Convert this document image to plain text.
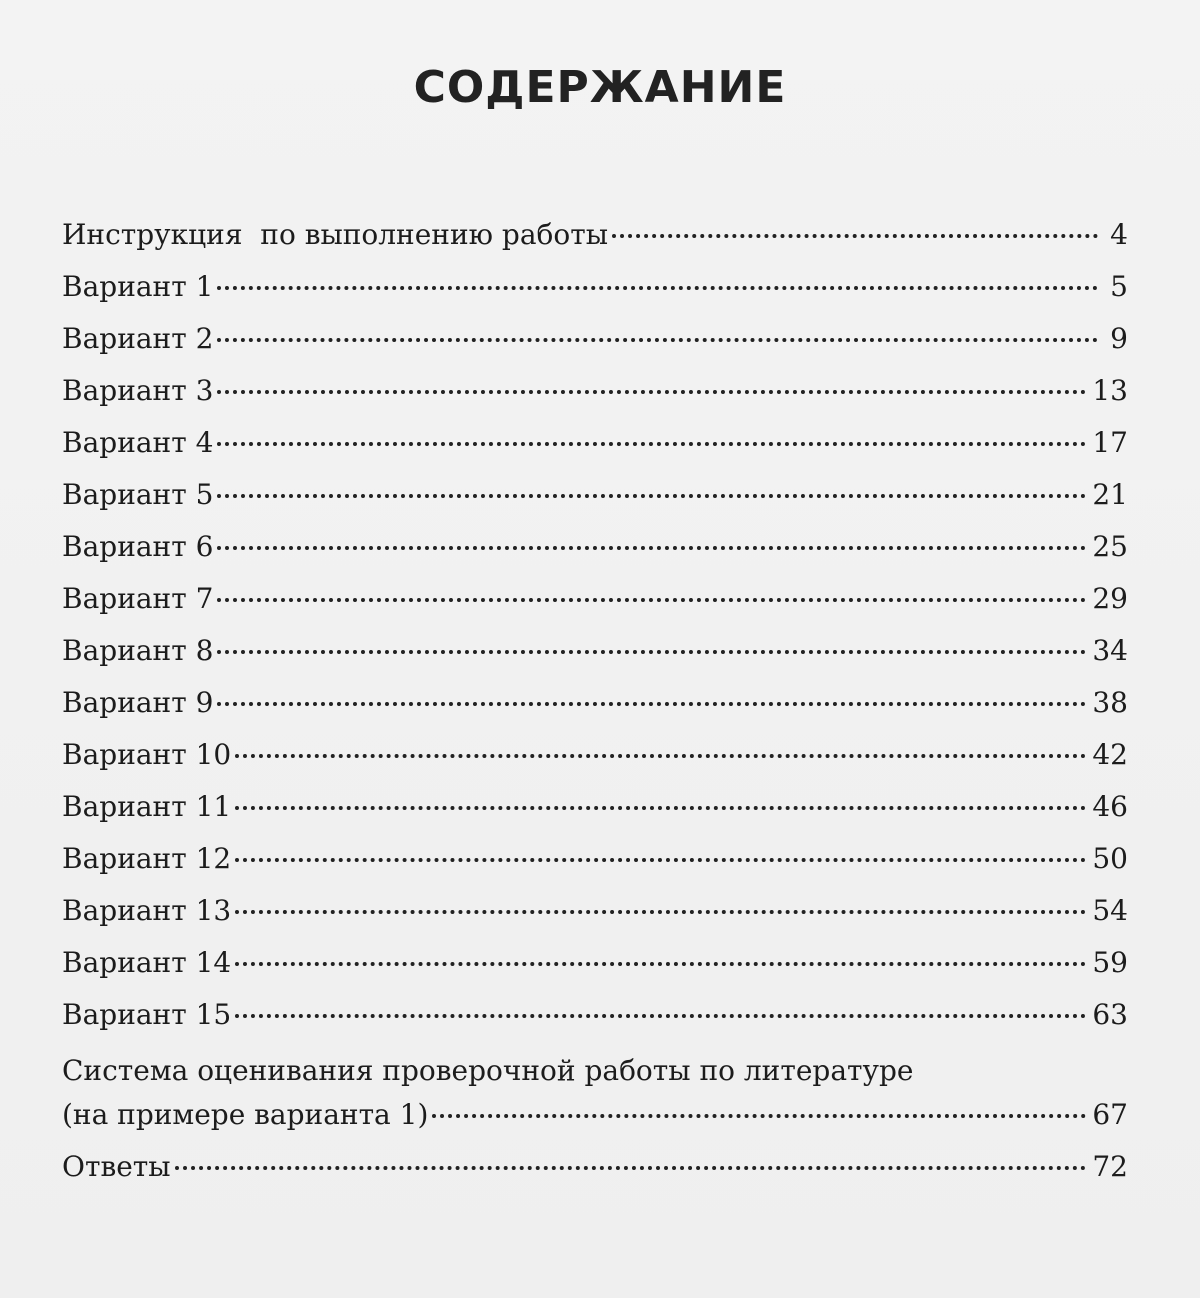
СОДЕРЖАНИЕ
Инструкция  по выполнению работы	4
Вариант 1	5
Вариант 2	9
Вариант 3	13
Вариант 4	17
Вариант 5	21
Вариант 6	25
Вариант 7	29
Вариант 8	34
Вариант 9	38
Вариант 10	42
Вариант 11	46
Вариант 12	50
Вариант 13	54
Вариант 14	59
Вариант 15	63
Система оценивания проверочной работы по литературе
(на примере варианта 1)	67
Ответы	72
